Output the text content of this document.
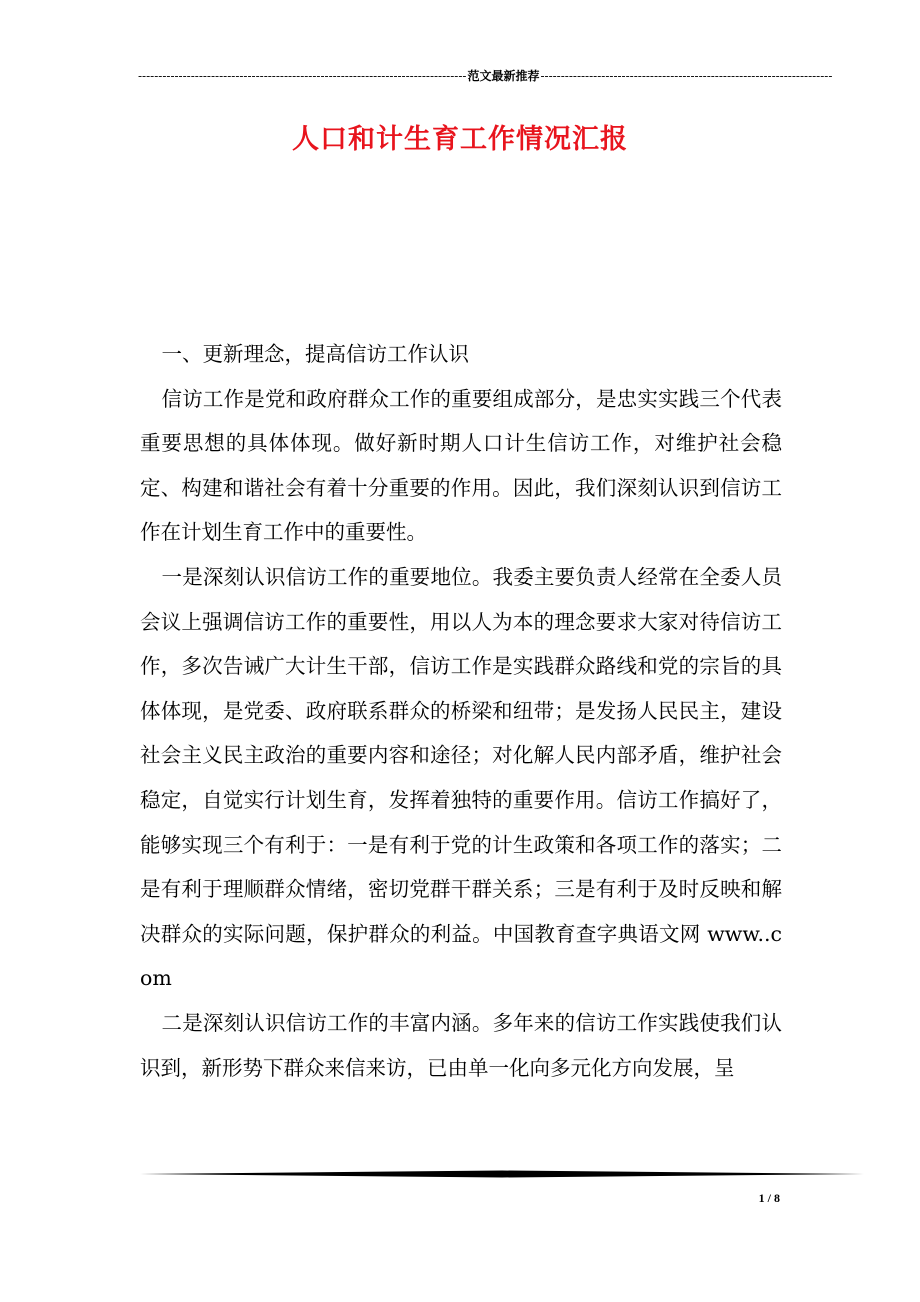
--------------------------------------------------------------------------------- 范文最新推荐 ------------------------------------------------------------------------
人口和计生育工作情况汇报

一、更新理念，提高信访工作认识

信访工作是党和政府群众工作的重要组成部分，是忠实实践三个代表重要思想的具体体现。做好新时期人口计生信访工作，对维护社会稳定、构建和谐社会有着十分重要的作用。因此，我们深刻认识到信访工作在计划生育工作中的重要性。

一是深刻认识信访工作的重要地位。我委主要负责人经常在全委人员会议上强调信访工作的重要性，用以人为本的理念要求大家对待信访工作，多次告诫广大计生干部，信访工作是实践群众路线和党的宗旨的具体体现，是党委、政府联系群众的桥梁和纽带；是发扬人民民主，建设社会主义民主政治的重要内容和途径；对化解人民内部矛盾，维护社会稳定，自觉实行计划生育，发挥着独特的重要作用。信访工作搞好了，能够实现三个有利于：一是有利于党的计生政策和各项工作的落实；二是有利于理顺群众情绪，密切党群干群关系；三是有利于及时反映和解决群众的实际问题，保护群众的利益。中国教育查字典语文网 www..com

二是深刻认识信访工作的丰富内涵。多年来的信访工作实践使我们认识到，新形势下群众来信来访，已由单一化向多元化方向发展，呈

1 / 8
